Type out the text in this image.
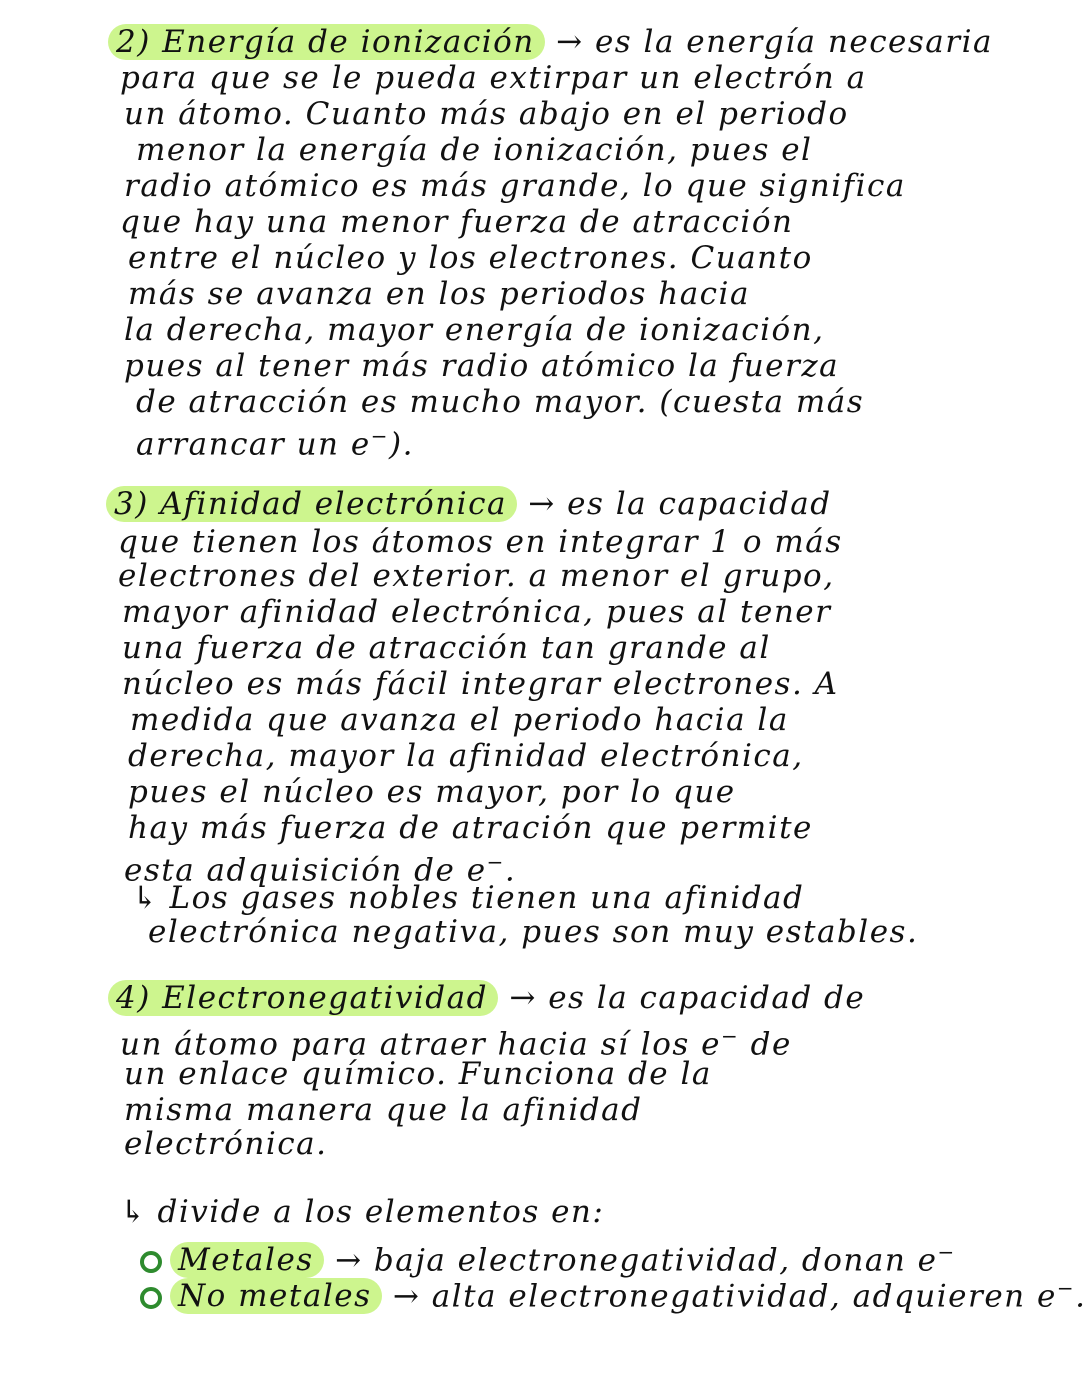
2) Energía de ionización → es la energía necesaria
para que se le pueda extirpar un electrón a
un átomo. Cuanto más abajo en el periodo
menor la energía de ionización, pues el
radio atómico es más grande, lo que significa
que hay una menor fuerza de atracción
entre el núcleo y los electrones. Cuanto
más se avanza en los periodos hacia
la derecha, mayor energía de ionización,
pues al tener más radio atómico la fuerza
de atracción es mucho mayor. (cuesta más
arrancar un e−).
3) Afinidad electrónica → es la capacidad
que tienen los átomos en integrar 1 o más
electrones del exterior. a menor el grupo,
mayor afinidad electrónica, pues al tener
una fuerza de atracción tan grande al
núcleo es más fácil integrar electrones. A
medida que avanza el periodo hacia la
derecha, mayor la afinidad electrónica,
pues el núcleo es mayor, por lo que
hay más fuerza de atración que permite
esta adquisición de e−.
↳ Los gases nobles tienen una afinidad
electrónica negativa, pues son muy estables.
4) Electronegatividad → es la capacidad de
un átomo para atraer hacia sí los e− de
un enlace químico. Funciona de la
misma manera que la afinidad
electrónica.
↳ divide a los elementos en:
Metales → baja electronegatividad, donan e−
No metales → alta electronegatividad, adquieren e−.
